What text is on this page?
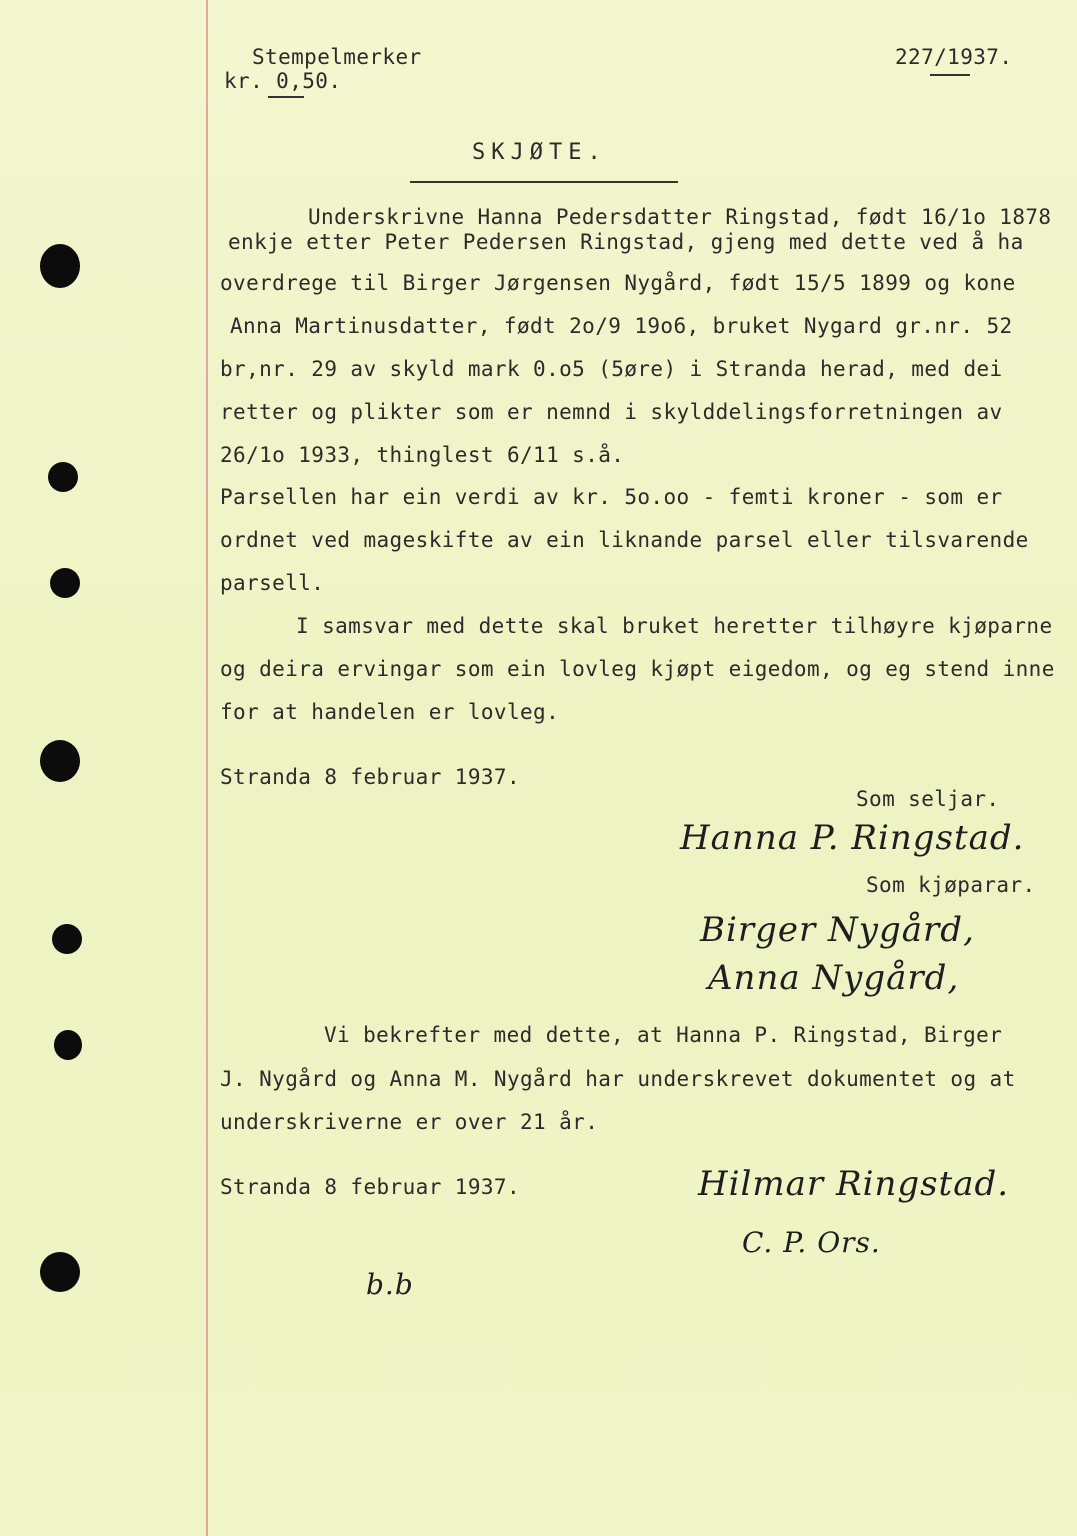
Stempelmerker
kr. 0,50.
227/1937.
SKJØTE.
Underskrivne Hanna Pedersdatter Ringstad, født 16/1o 1878
enkje etter Peter Pedersen Ringstad, gjeng med dette ved å ha
overdrege til Birger Jørgensen Nygård, født 15/5 1899 og kone
Anna Martinusdatter, født 2o/9 19o6, bruket Nygard gr.nr. 52
br,nr. 29 av skyld mark 0.o5 (5øre) i Stranda herad, med dei
retter og plikter som er nemnd i skylddelingsforretningen av
26/1o 1933, thinglest 6/11 s.å.
Parsellen har ein verdi av kr. 5o.oo - femti kroner - som er
ordnet ved mageskifte av ein liknande parsel eller tilsvarende
parsell.
I samsvar med dette skal bruket heretter tilhøyre kjøparne
og deira ervingar som ein lovleg kjøpt eigedom, og eg stend inne
for at handelen er lovleg.
Stranda 8 februar 1937.
Som seljar.
Hanna P. Ringstad.
Som kjøparar.
Birger Nygård,
Anna Nygård,
Vi bekrefter med dette, at Hanna P. Ringstad, Birger
J. Nygård og Anna M. Nygård har underskrevet dokumentet og at
underskriverne er over 21 år.
Stranda 8 februar 1937.	Hilmar Ringstad.
C. P. Ors.
b.b
